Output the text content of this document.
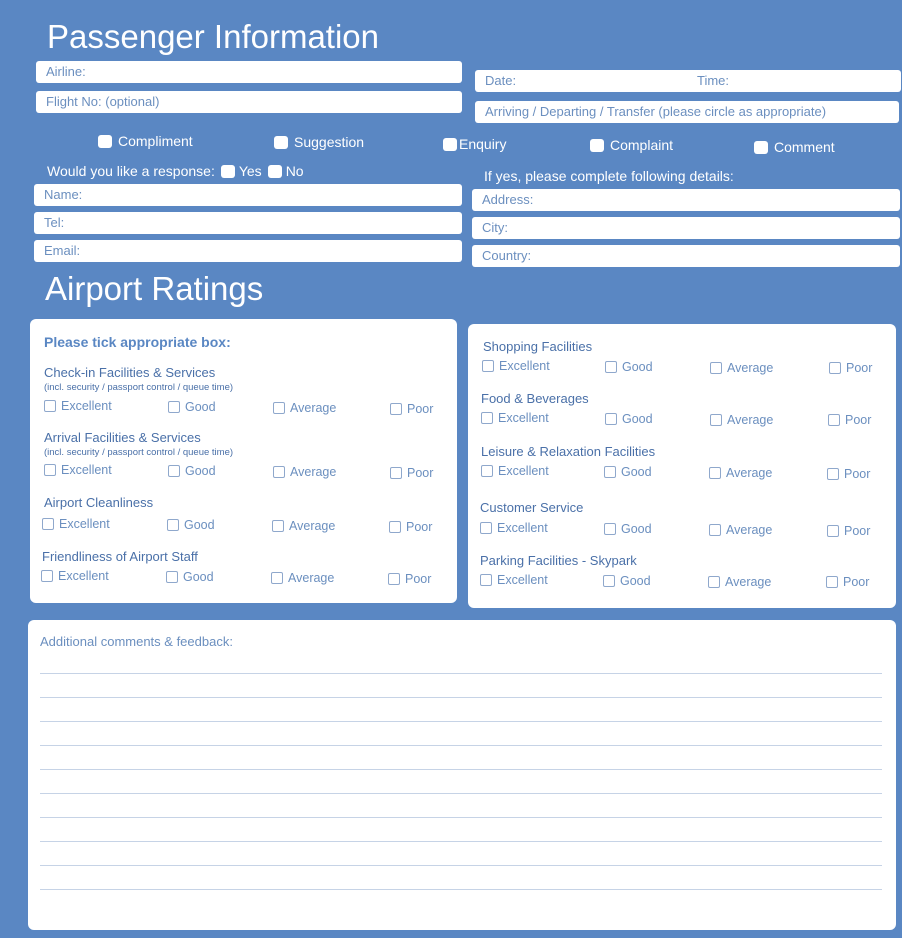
Passenger Information
Airline:
Date:	Time:
Flight No: (optional)
Arriving / Departing / Transfer (please circle as appropriate)
Compliment	Suggestion	Enquiry	Complaint	Comment
Would you like a response: Yes No	If yes, please complete following details:
Name:
Tel:
Email:
Address:
City:
Country:
Airport Ratings
Please tick appropriate box:
Check-in Facilities & Services
(incl. security / passport control / queue time)
Excellent	Good	Average	Poor
Arrival Facilities & Services
(incl. security / passport control / queue time)
Excellent	Good	Average	Poor
Airport Cleanliness
Excellent	Good	Average	Poor
Friendliness of Airport Staff
Excellent	Good	Average	Poor
Shopping Facilities
Excellent	Good	Average	Poor
Food & Beverages
Excellent	Good	Average	Poor
Leisure & Relaxation Facilities
Excellent	Good	Average	Poor
Customer Service
Excellent	Good	Average	Poor
Parking Facilities - Skypark
Excellent	Good	Average	Poor
Additional comments & feedback:
